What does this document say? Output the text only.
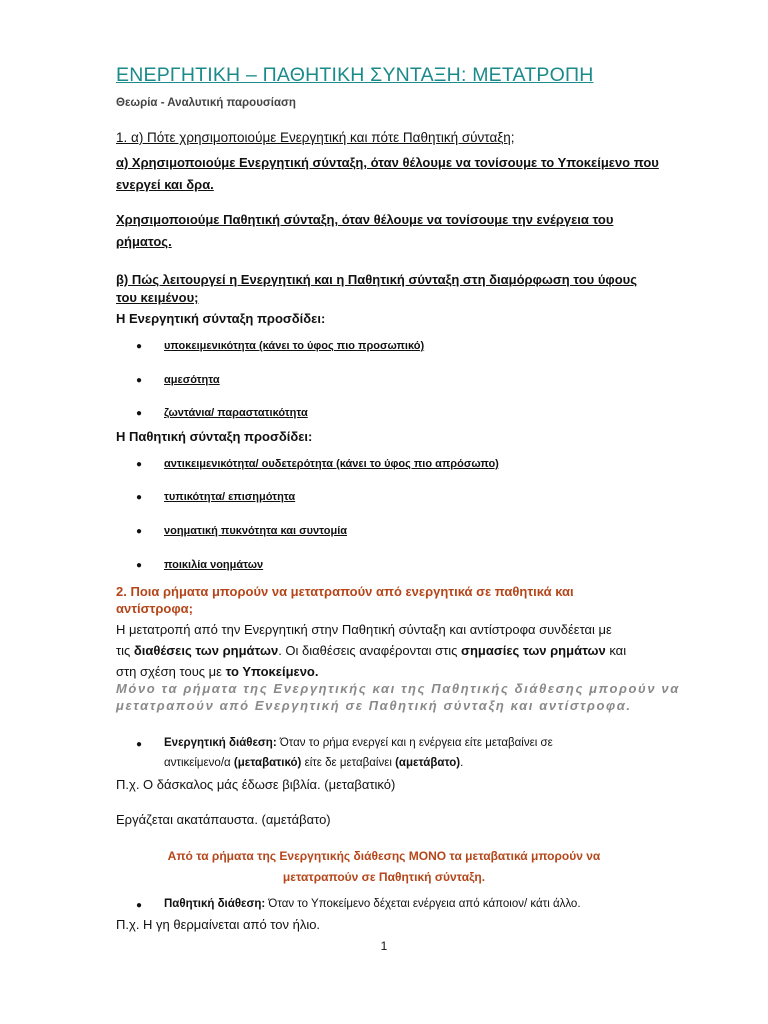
ΕΝΕΡΓΗΤΙΚΗ – ΠΑΘΗΤΙΚΗ ΣΥΝΤΑΞΗ: ΜΕΤΑΤΡΟΠΗ
Θεωρία - Αναλυτική παρουσίαση
1. α) Πότε χρησιμοποιούμε Ενεργητική και πότε Παθητική σύνταξη;
α) Χρησιμοποιούμε Ενεργητική σύνταξη, όταν θέλουμε να τονίσουμε το Υποκείμενο που
ενεργεί και δρα.
Χρησιμοποιούμε Παθητική σύνταξη, όταν θέλουμε να τονίσουμε την ενέργεια του
ρήματος.
β) Πώς λειτουργεί η Ενεργητική και η Παθητική σύνταξη στη διαμόρφωση του ύφους
του κειμένου;
Η Ενεργητική σύνταξη προσδίδει:
● υποκειμενικότητα (κάνει το ύφος πιο προσωπικό)
● αμεσότητα
● ζωντάνια/ παραστατικότητα
Η Παθητική σύνταξη προσδίδει:
● αντικειμενικότητα/ ουδετερότητα (κάνει το ύφος πιο απρόσωπο)
● τυπικότητα/ επισημότητα
● νοηματική πυκνότητα και συντομία
● ποικιλία νοημάτων
2. Ποια ρήματα μπορούν να μετατραπούν από ενεργητικά σε παθητικά και
αντίστροφα;
Η μετατροπή από την Ενεργητική στην Παθητική σύνταξη και αντίστροφα συνδέεται με
τις διαθέσεις των ρημάτων. Οι διαθέσεις αναφέρονται στις σημασίες των ρημάτων και
στη σχέση τους με το Υποκείμενο.
Μόνο τα ρήματα της Ενεργητικής και της Παθητικής διάθεσης μπορούν να
μετατραπούν από Ενεργητική σε Παθητική σύνταξη και αντίστροφα.
● Ενεργητική διάθεση: Όταν το ρήμα ενεργεί και η ενέργεια είτε μεταβαίνει σε
αντικείμενο/α (μεταβατικό) είτε δε μεταβαίνει (αμετάβατο).
Π.χ. Ο δάσκαλος μάς έδωσε βιβλία. (μεταβατικό)
Εργάζεται ακατάπαυστα. (αμετάβατο)
Από τα ρήματα της Ενεργητικής διάθεσης ΜΟΝΟ τα μεταβατικά μπορούν να
μετατραπούν σε Παθητική σύνταξη.
● Παθητική διάθεση: Όταν το Υποκείμενο δέχεται ενέργεια από κάποιον/ κάτι άλλο.
Π.χ. Η γη θερμαίνεται από τον ήλιο.
1
